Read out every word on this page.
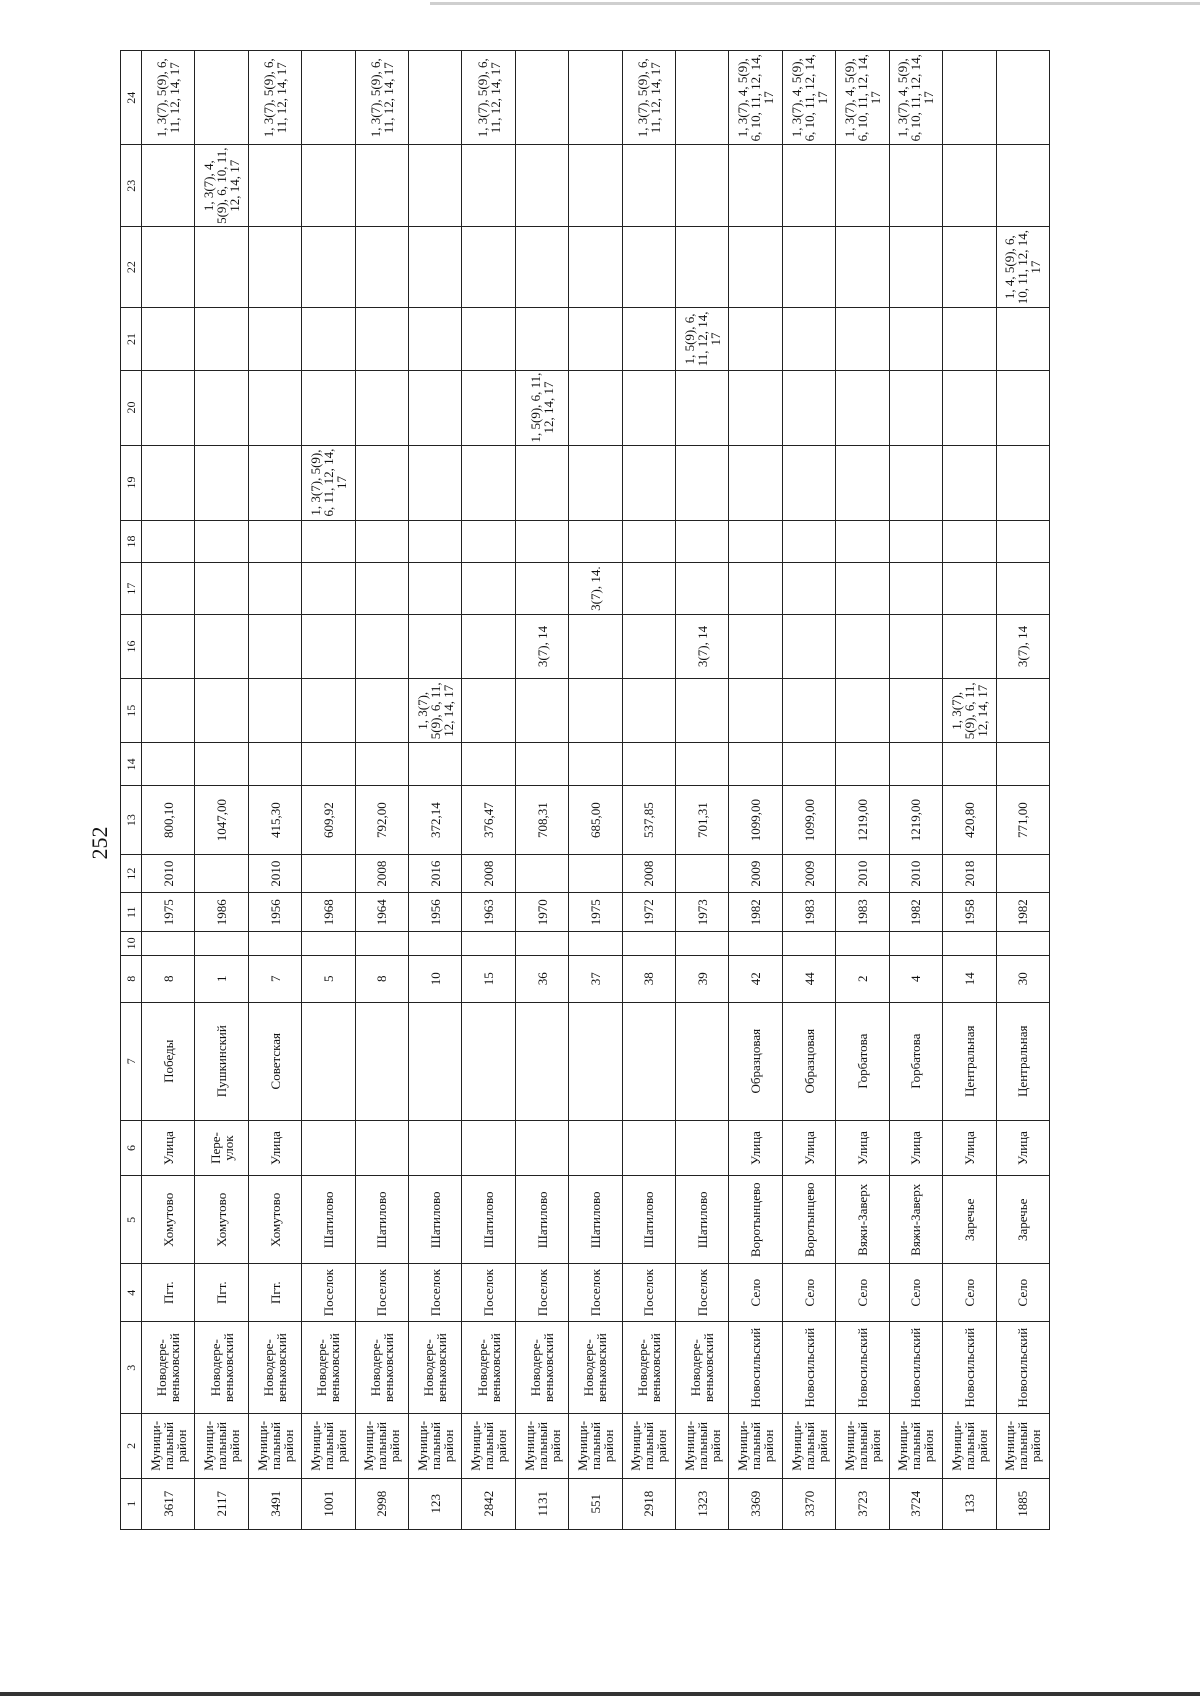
252
1	2	3	4	5	6	7	8	10	11	12	13	14	15	16	17	18	19	20	21	22	23	24
3617	Муници-пальный район	Новодере-веньковский	Пгт.	Хомутово	Улица	Победы	8		1975	2010	800,10											1, 3(7), 5(9), 6, 11, 12, 14, 17
2117	Муници-пальный район	Новодере-веньковский	Пгт.	Хомутово	Пере-улок	Пушкинский	1		1986		1047,00										1, 3(7), 4, 5(9), 6, 10, 11, 12, 14, 17	
3491	Муници-пальный район	Новодере-веньковский	Пгт.	Хомутово	Улица	Советская	7		1956	2010	415,30											1, 3(7), 5(9), 6, 11, 12, 14, 17
1001	Муници-пальный район	Новодере-веньковский	Поселок	Шатилово			5		1968		609,92						1, 3(7), 5(9), 6, 11, 12, 14, 17					
2998	Муници-пальный район	Новодере-веньковский	Поселок	Шатилово			8		1964	2008	792,00											1, 3(7), 5(9), 6, 11, 12, 14, 17
123	Муници-пальный район	Новодере-веньковский	Поселок	Шатилово			10		1956	2016	372,14		1, 3(7), 5(9), 6, 11, 12, 14, 17									
2842	Муници-пальный район	Новодере-веньковский	Поселок	Шатилово			15		1963	2008	376,47											1, 3(7), 5(9), 6, 11, 12, 14, 17
1131	Муници-пальный район	Новодере-веньковский	Поселок	Шатилово			36		1970		708,31			3(7), 14				1, 5(9), 6, 11, 12, 14, 17				
551	Муници-пальный район	Новодере-веньковский	Поселок	Шатилово			37		1975		685,00				3(7), 14.							
2918	Муници-пальный район	Новодере-веньковский	Поселок	Шатилово			38		1972	2008	537,85											1, 3(7), 5(9), 6, 11, 12, 14, 17
1323	Муници-пальный район	Новодере-веньковский	Поселок	Шатилово			39		1973		701,31			3(7), 14					1, 5(9), 6, 11, 12, 14, 17			
3369	Муници-пальный район	Новосильский	Село	Воротынцево	Улица	Образцовая	42		1982	2009	1099,00											1, 3(7), 4, 5(9), 6, 10, 11, 12, 14, 17
3370	Муници-пальный район	Новосильский	Село	Воротынцево	Улица	Образцовая	44		1983	2009	1099,00											1, 3(7), 4, 5(9), 6, 10, 11, 12, 14, 17
3723	Муници-пальный район	Новосильский	Село	Вяжи-Заверх	Улица	Горбатова	2		1983	2010	1219,00											1, 3(7), 4, 5(9), 6, 10, 11, 12, 14, 17
3724	Муници-пальный район	Новосильский	Село	Вяжи-Заверх	Улица	Горбатова	4		1982	2010	1219,00											1, 3(7), 4, 5(9), 6, 10, 11, 12, 14, 17
133	Муници-пальный район	Новосильский	Село	Заречье	Улица	Центральная	14		1958	2018	420,80		1, 3(7), 5(9), 6, 11, 12, 14, 17									
1885	Муници-пальный район	Новосильский	Село	Заречье	Улица	Центральная	30		1982		771,00			3(7), 14						1, 4, 5(9), 6, 10, 11, 12, 14, 17		
